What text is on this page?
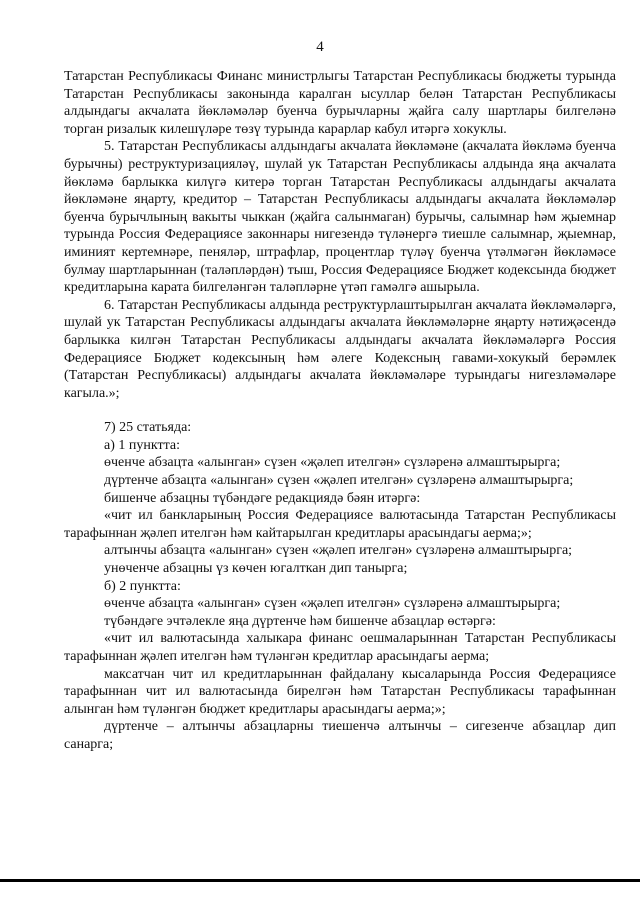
4

Татарстан Республикасы Финанс министрлыгы Татарстан Республикасы бюджеты турында Татарстан Республикасы законында каралган ысуллар белән Татарстан Республикасы алдындагы акчалата йөкләмәләр буенча бурычларны җайга салу шартлары билгеләнә торган ризалык килешүләре төзү турында карарлар кабул итәргә хокуклы.

5. Татарстан Республикасы алдындагы акчалата йөкләмәне (акчалата йөкләмә буенча бурычны) реструктуризацияләү, шулай ук Татарстан Республикасы алдында яңа акчалата йөкләмә барлыкка килүгә китерә торган Татарстан Республикасы алдындагы акчалата йөкләмәне яңарту, кредитор – Татарстан Республикасы алдындагы акчалата йөкләмәләр буенча бурычлының вакыты чыккан (җайга салынмаган) бурычы, салымнар һәм җыемнар турында Россия Федерациясе законнары нигезендә түләнергә тиешле салымнар, җыемнар, иминият кертемнәре, пеняләр, штрафлар, процентлар түләү буенча үтәлмәгән йөкләмәсе булмау шартларыннан (таләпләрдән) тыш, Россия Федерациясе Бюджет кодексында бюджет кредитларына карата билгеләнгән таләпләрне үтәп гамәлгә ашырыла.

6. Татарстан Республикасы алдында реструктурлаштырылган акчалата йөкләмәләргә, шулай ук Татарстан Республикасы алдындагы акчалата йөкләмәләрне яңарту нәтиҗәсендә барлыкка килгән Татарстан Республикасы алдындагы акчалата йөкләмәләргә Россия Федерациясе Бюджет кодексының һәм әлеге Кодексның гавами-хокукый берәмлек (Татарстан Республикасы) алдындагы акчалата йөкләмәләре турындагы нигезләмәләре кагыла.»;

7) 25 статьяда:

а) 1 пунктта:

өченче абзацта «алынган» сүзен «җәлеп ителгән» сүзләренә алмаштырырга;

дүртенче абзацта «алынган» сүзен «җәлеп ителгән» сүзләренә алмаштырырга;

бишенче абзацны түбәндәге редакциядә бәян итәргә:

«чит ил банкларының Россия Федерациясе валютасында Татарстан Республикасы тарафыннан җәлеп ителгән һәм кайтарылган кредитлары арасындагы аерма;»;

алтынчы абзацта «алынган» сүзен «җәлеп ителгән» сүзләренә алмаштырырга;

унөченче абзацны үз көчен югалткан дип танырга;

б) 2 пунктта:

өченче абзацта «алынган» сүзен «җәлеп ителгән» сүзләренә алмаштырырга;

түбәндәге эчтәлекле яңа дүртенче һәм бишенче абзацлар өстәргә:

«чит ил валютасында халыкара финанс оешмаларыннан Татарстан Республикасы тарафыннан җәлеп ителгән һәм түләнгән кредитлар арасындагы аерма;

максатчан чит ил кредитларыннан файдалану кысаларында Россия Федерациясе тарафыннан чит ил валютасында бирелгән һәм Татарстан Республикасы тарафыннан алынган һәм түләнгән бюджет кредитлары арасындагы аерма;»;

дүртенче – алтынчы абзацларны тиешенчә алтынчы – сигезенче абзацлар дип санарга;
